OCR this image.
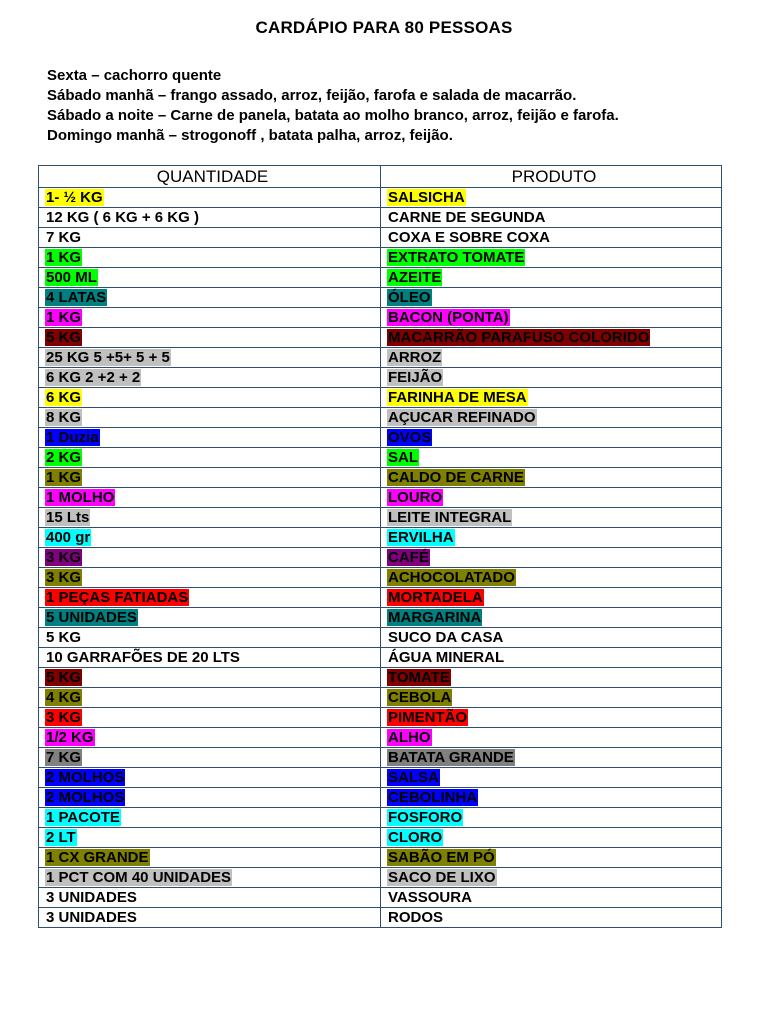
CARDÁPIO PARA 80 PESSOAS
Sexta – cachorro quente
Sábado manhã – frango assado, arroz, feijão, farofa e salada de macarrão.
Sábado a noite – Carne de panela, batata ao molho branco, arroz, feijão e farofa.
Domingo manhã – strogonoff , batata palha, arroz, feijão.
QUANTIDADE	PRODUTO
1- ½ KG	SALSICHA
12 KG ( 6 KG + 6 KG )	CARNE DE SEGUNDA
7 KG	COXA E SOBRE COXA
1 KG	EXTRATO TOMATE
500 ML	AZEITE
4 LATAS	ÓLEO
1 KG	BACON (PONTA)
5 KG	MACARRÃO PARAFUSO COLORIDO
25 KG 5 +5+ 5 + 5	ARROZ
6 KG 2 +2 + 2	FEIJÃO
6 KG	FARINHA DE MESA
8 KG	AÇUCAR REFINADO
1 Duzia	OVOS
2 KG	SAL
1 KG	CALDO DE CARNE
1 MOLHO	LOURO
15 Lts	LEITE INTEGRAL
400 gr	ERVILHA
3 KG	CAFÉ
3 KG	ACHOCOLATADO
1 PEÇAS FATIADAS	MORTADELA
5 UNIDADES	MARGARINA
5 KG	SUCO DA CASA
10 GARRAFÕES DE 20 LTS	ÁGUA MINERAL
5 KG	TOMATE
4 KG	CEBOLA
3 KG	PIMENTÃO
1/2 KG	ALHO
7 KG	BATATA GRANDE
2 MOLHOS	SALSA
2 MOLHOS	CEBOLINHA
1 PACOTE	FOSFORO
2 LT	CLORO
1 CX GRANDE	SABÃO EM PÓ
1 PCT COM 40 UNIDADES	SACO DE LIXO
3 UNIDADES	VASSOURA
3 UNIDADES	RODOS
